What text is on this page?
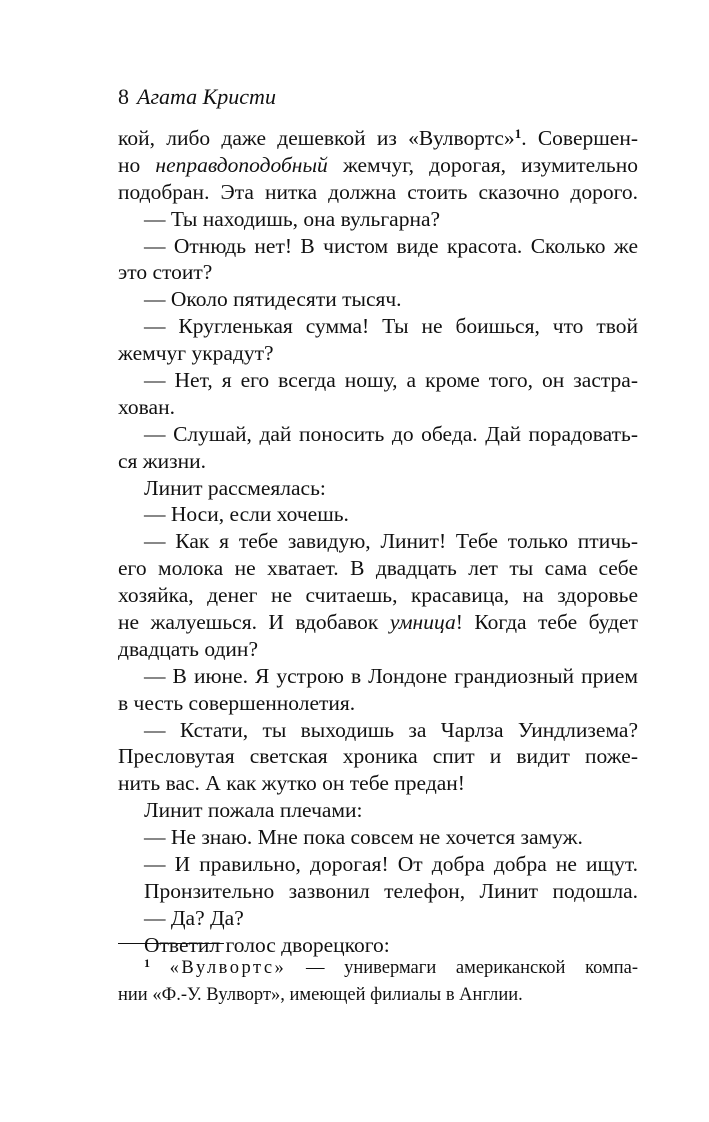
8 Агата Кристи
кой, либо даже дешевкой из «Вулвортс»$^1$. Совершен-
но неправдоподобный жемчуг, дорогая, изумительно
подобран. Эта нитка должна стоить сказочно дорого.
— Ты находишь, она вульгарна?
— Отнюдь нет! В чистом виде красота. Сколько же
это стоит?
— Около пятидесяти тысяч.
— Кругленькая сумма! Ты не боишься, что твой
жемчуг украдут?
— Нет, я его всегда ношу, а кроме того, он застра-
хован.
— Слушай, дай поносить до обеда. Дай порадовать-
ся жизни.
Линит рассмеялась:
— Носи, если хочешь.
— Как я тебе завидую, Линит! Тебе только птичь-
его молока не хватает. В двадцать лет ты сама себе
хозяйка, денег не считаешь, красавица, на здоровье
не жалуешься. И вдобавок умница! Когда тебе будет
двадцать один?
— В июне. Я устрою в Лондоне грандиозный прием
в честь совершеннолетия.
— Кстати, ты выходишь за Чарлза Уиндлизема?
Пресловутая светская хроника спит и видит поже-
нить вас. А как жутко он тебе предан!
Линит пожала плечами:
— Не знаю. Мне пока совсем не хочется замуж.
— И правильно, дорогая! От добра добра не ищут.
Пронзительно зазвонил телефон, Линит подошла.
— Да? Да?
Ответил голос дворецкого:
$^1$ «Вулвортс» — универмаги американской компа-
нии «Ф.-У. Вулворт», имеющей филиалы в Англии.
